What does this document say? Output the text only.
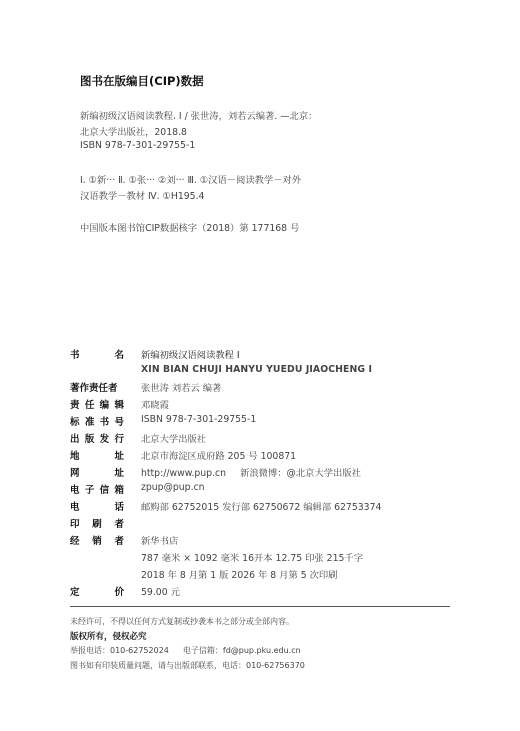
图书在版编目(CIP)数据
新编初级汉语阅读教程. Ⅰ / 张世涛，刘若云编著. —北京：
北京大学出版社，2018.8
ISBN 978-7-301-29755-1
Ⅰ. ①新··· Ⅱ. ①张··· ②刘··· Ⅲ. ①汉语－阅读教学－对外
汉语教学－教材 Ⅳ. ①H195.4
中国版本图书馆CIP数据核字（2018）第 177168 号
书	名 新编初级汉语阅读教程 Ⅰ
XIN BIAN CHUJI HANYU YUEDU JIAOCHENG I
著作责任者	张世涛 刘若云 编著
责 任 编 辑 邓晓霞
标 准 书 号 ISBN 978-7-301-29755-1
出 版 发 行 北京大学出版社
地	址 北京市海淀区成府路 205 号 100871
网	址 http://www.pup.cn 新浪微博：@北京大学出版社
电 子 信 箱 zpup@pup.cn
电	话 邮购部 62752015 发行部 62750672 编辑部 62753374
印 刷 者
经 销 者 新华书店
787 毫米 × 1092 毫米 16开本 12.75 印张 215千字
2018 年 8 月第 1 版 2026 年 8 月第 5 次印刷
定	价 59.00 元
未经许可，不得以任何方式复制或抄袭本书之部分或全部内容。
版权所有，侵权必究
举报电话：010-62752024 电子信箱：fd@pup.pku.edu.cn
图书如有印装质量问题，请与出版部联系，电话：010-62756370
